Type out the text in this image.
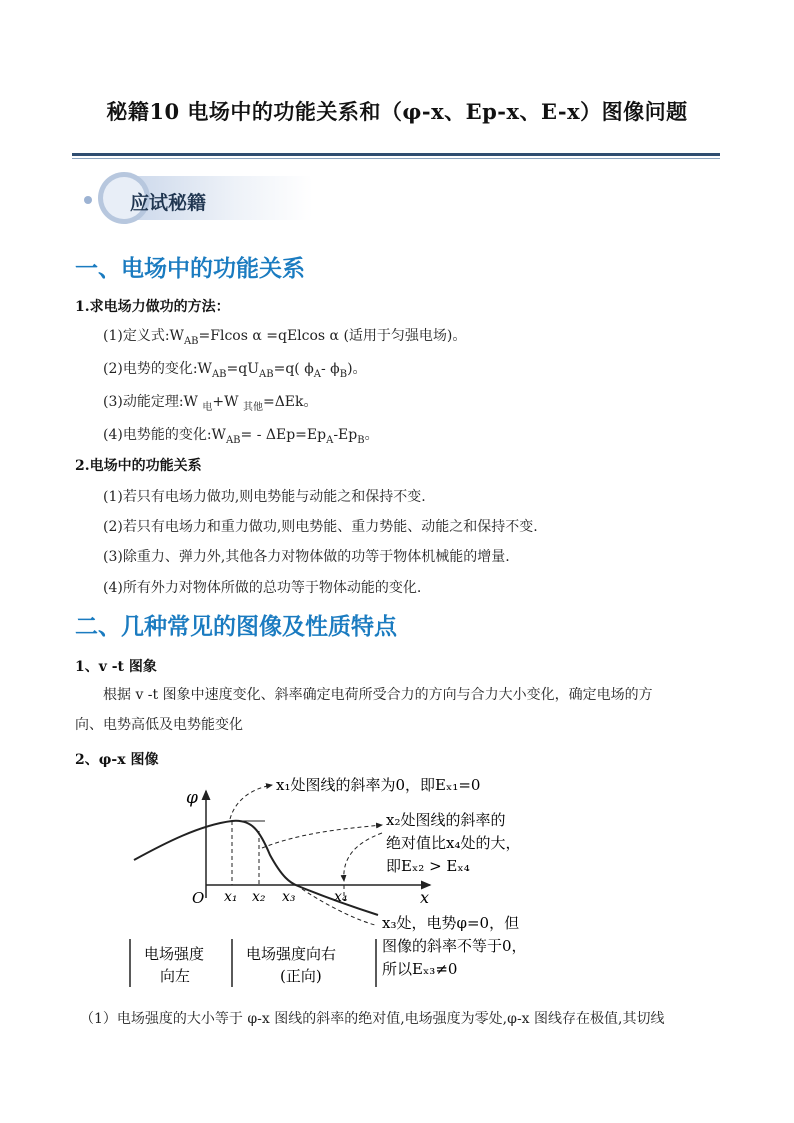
秘籍10 电场中的功能关系和（φ-x、Ep-x、E-x）图像问题
应试秘籍
一、电场中的功能关系
1.求电场力做功的方法：
(1)定义式$:W_{AB}=Flcos$ α =qElcos α (适用于匀强电场)。
(2)电势的变化$:W_{AB}=qU_{AB}=q$( $\phi_A-$ $\phi_B$)。
(3)动能定理:W $_电$+W $_{其他}$=ΔEk。
(4)电势能的变化$:W_{AB}= - \Delta Ep=Ep_A-Ep_B$。
2.电场中的功能关系
(1)若只有电场力做功,则电势能与动能之和保持不变.
(2)若只有电场力和重力做功,则电势能、重力势能、动能之和保持不变.
(3)除重力、弹力外,其他各力对物体做的功等于物体机械能的增量.
(4)所有外力对物体所做的总功等于物体动能的变化.
二、几种常见的图像及性质特点
1、v -t 图象
根据 v -t 图象中速度变化、斜率确定电荷所受合力的方向与合力大小变化，确定电场的方
向、电势高低及电势能变化
2、φ-x 图像
φ
x
O x₁ x₂ x₃	x₄
x₁处图线的斜率为0，即Eₓ₁=0
x₂处图线的斜率的
绝对值比x₄处的大，
即Eₓ₂ > Eₓ₄
x₃处，电势φ=0，但
图像的斜率不等于0，
所以Eₓ₃≠0
电场强度
向左
电场强度向右
(正向)
（1）电场强度的大小等于 φ-x 图线的斜率的绝对值,电场强度为零处,φ-x 图线存在极值,其切线
